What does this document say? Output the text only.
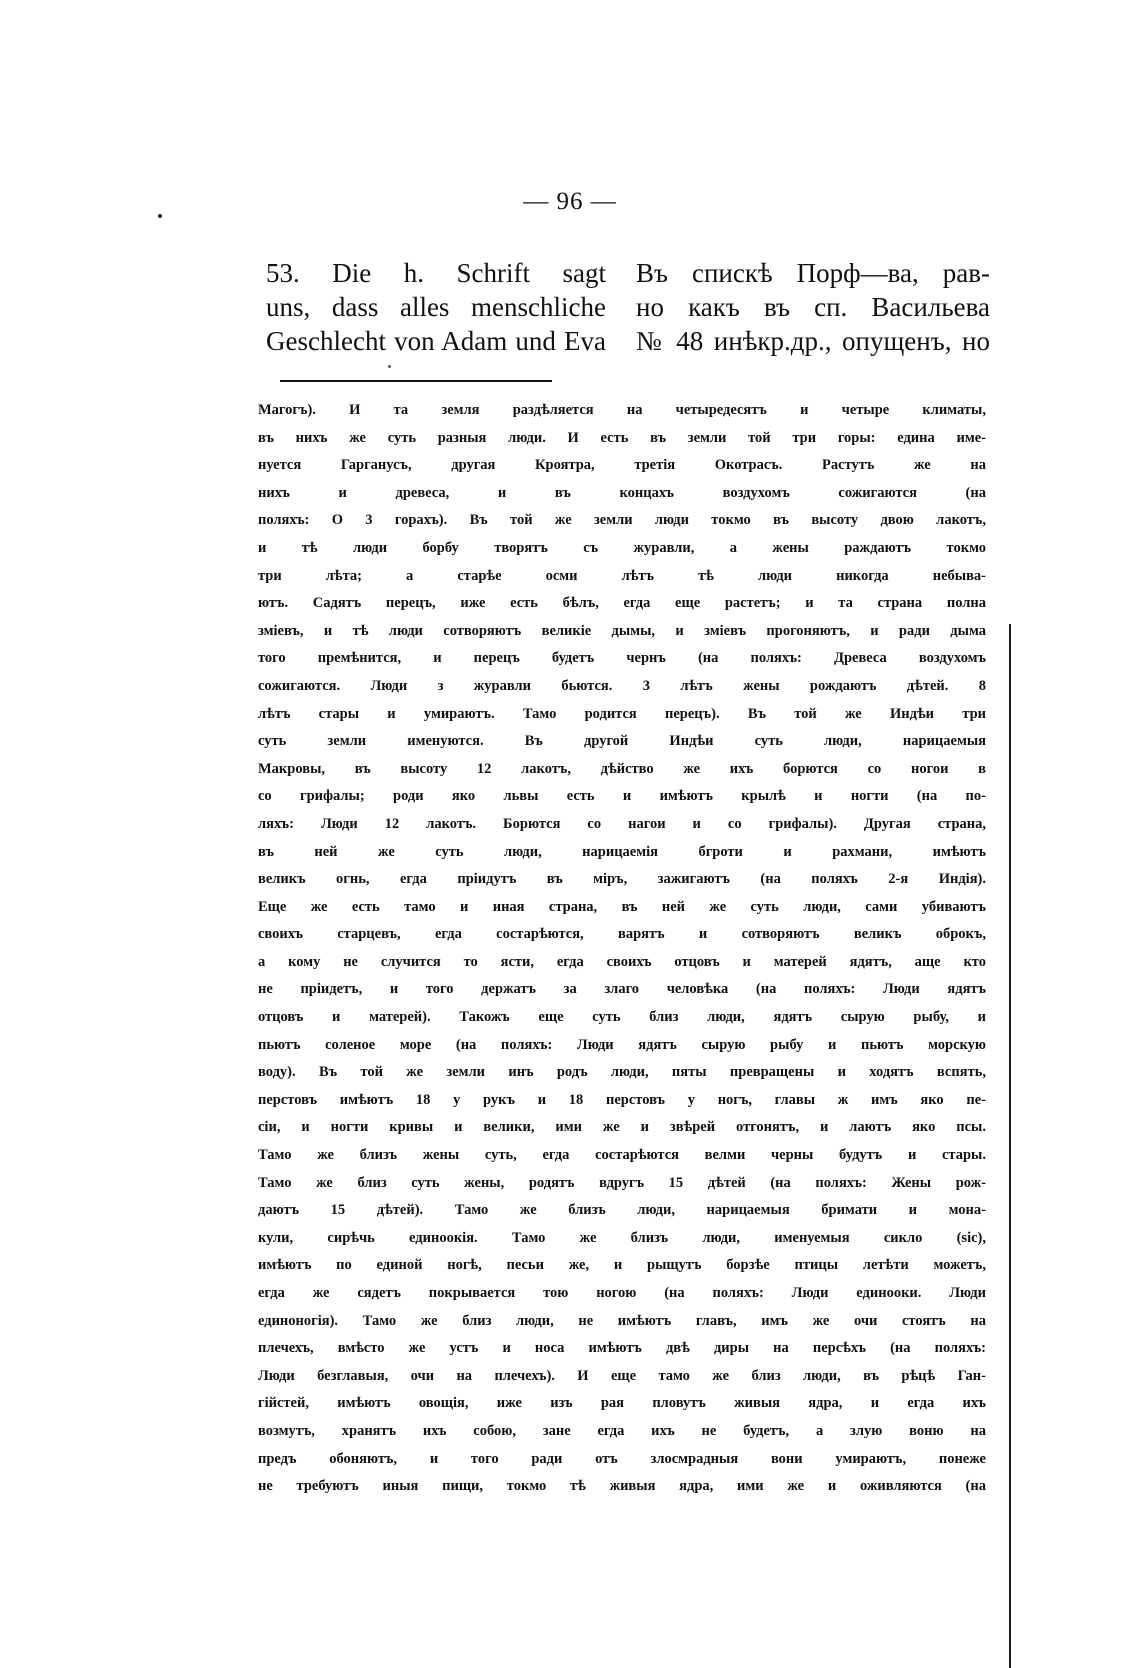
— 96 —
53. Die h. Schrift sagt
uns, dass alles menschliche
Geschlecht von Adam und Eva
Въ спискѣ Порф—ва, рав-
но какъ въ сп. Васильева
№ 48 инѣкр.др., опущенъ, но
Магогъ). И та земля раздѣляется на четыредесятъ и четыре климаты,
въ нихъ же суть разныя люди. И есть въ земли той три горы: едина име-
нуется Гарганусъ, другая Кроятра, третія Окотрасъ. Растутъ же на
нихъ и древеса, и въ концахъ воздухомъ сожигаются (на
поляхъ: О 3 горахъ). Въ той же земли люди токмо въ высоту двою лакотъ,
и тѣ люди борбу творятъ съ журавли, а жены раждаютъ токмо
три лѣта; а старѣе осми лѣтъ тѣ люди никогда небыва-
ютъ. Садятъ перецъ, иже есть бѣлъ, егда еще растетъ; и та страна полна
зміевъ, и тѣ люди сотворяютъ великіе дымы, и зміевъ прогоняютъ, и ради дыма
того премѣнится, и перецъ будетъ чернъ (на поляхъ: Древеса воздухомъ
сожигаются. Люди з журавли бьются. 3 лѣтъ жены рождаютъ дѣтей. 8
лѣтъ стары и умираютъ. Тамо родится перецъ). Въ той же Индѣи три
суть земли именуются. Въ другой Индѣи суть люди, нарицаемыя
Макровы, въ высоту 12 лакотъ, дѣйство же ихъ борются со ногои в
со грифалы; роди яко львы есть и имѣютъ крылѣ и ногти (на по-
ляхъ: Люди 12 лакотъ. Борются со нагои и со грифалы). Другая страна,
въ ней же суть люди, нарицаемія бгроти и рахмани, имѣютъ
великъ огнь, егда пріидутъ въ міръ, зажигаютъ (на поляхъ 2-я Индія).
Еще же есть тамо и иная страна, въ ней же суть люди, сами убиваютъ
своихъ старцевъ, егда состарѣются, варятъ и сотворяютъ великъ оброкъ,
а кому не случится то ясти, егда своихъ отцовъ и матерей ядятъ, аще кто
не пріидетъ, и того держатъ за злаго человѣка (на поляхъ: Люди ядятъ
отцовъ и матерей). Такожъ еще суть близ люди, ядятъ сырую рыбу, и
пьютъ соленое море (на поляхъ: Люди ядятъ сырую рыбу и пьютъ морскую
воду). Въ той же земли инъ родъ люди, пяты превращены и ходятъ вспять,
перстовъ имѣютъ 18 у рукъ и 18 перстовъ у ногъ, главы ж имъ яко пе-
сіи, и ногти кривы и велики, ими же и звѣрей отгонятъ, и лаютъ яко псы.
Тамо же близъ жены суть, егда состарѣются велми черны будутъ и стары.
Тамо же близ суть жены, родятъ вдругъ 15 дѣтей (на поляхъ: Жены рож-
даютъ 15 дѣтей). Тамо же близъ люди, нарицаемыя бримати и мона-
кули, сирѣчь единоокія. Тамо же близъ люди, именуемыя сикло (sic),
имѣютъ по единой ногѣ, песьи же, и рыщутъ борзѣе птицы летѣти можетъ,
егда же сядетъ покрывается тою ногою (на поляхъ: Люди единооки. Люди
единоногія). Тамо же близ люди, не имѣютъ главъ, имъ же очи стоятъ на
плечехъ, вмѣсто же устъ и носа имѣютъ двѣ диры на персѣхъ (на поляхъ:
Люди безглавыя, очи на плечехъ). И еще тамо же близ люди, въ рѣцѣ Ган-
гійстей, имѣютъ овощія, иже изъ рая пловутъ живыя ядра, и егда ихъ
возмутъ, хранятъ ихъ собою, зане егда ихъ не будетъ, а злую воню на
предъ обоняютъ, и того ради отъ злосмрадныя вони умираютъ, понеже
не требуютъ иныя пищи, токмо тѣ живыя ядра, ими же и оживляются (на
